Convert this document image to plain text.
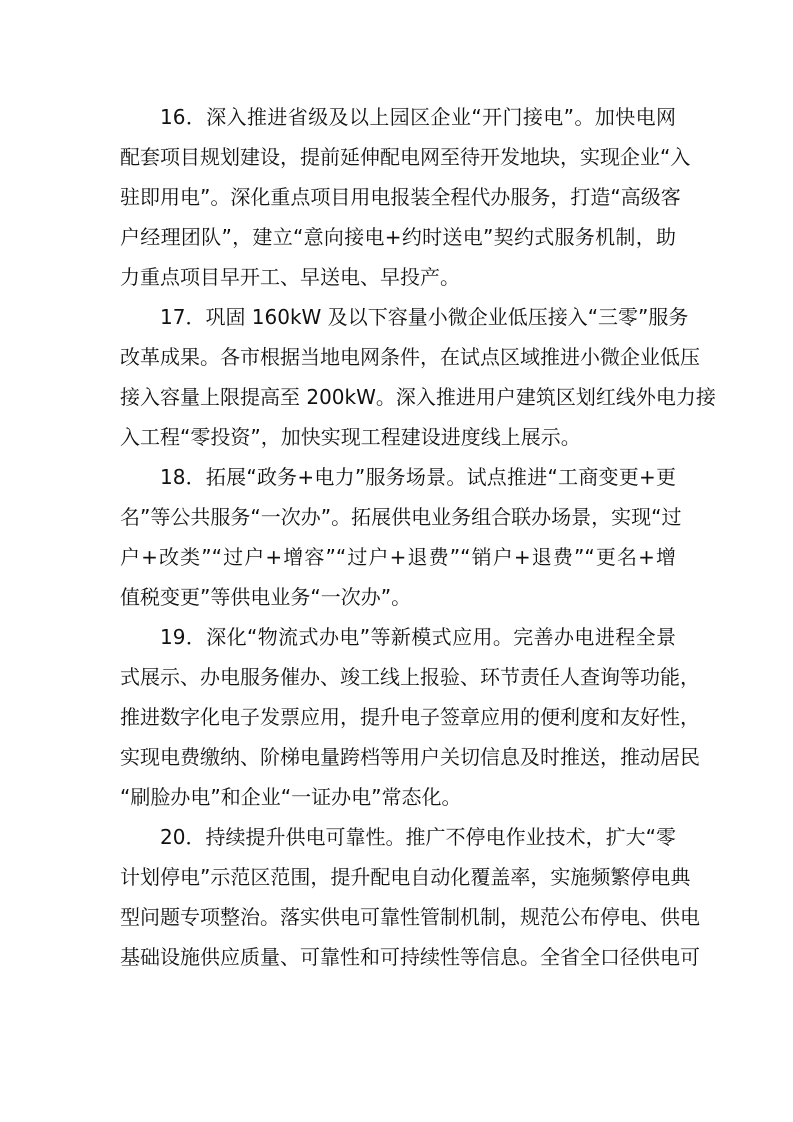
16．深入推进省级及以上园区企业“开门接电”。加快电网
配套项目规划建设，提前延伸配电网至待开发地块，实现企业“入
驻即用电”。深化重点项目用电报装全程代办服务，打造“高级客
户经理团队”，建立“意向接电+约时送电”契约式服务机制，助
力重点项目早开工、早送电、早投产。
17．巩固 160kW 及以下容量小微企业低压接入“三零”服务
改革成果。各市根据当地电网条件，在试点区域推进小微企业低压
接入容量上限提高至 200kW。深入推进用户建筑区划红线外电力接
入工程“零投资”，加快实现工程建设进度线上展示。
18．拓展“政务+电力”服务场景。试点推进“工商变更+更
名”等公共服务“一次办”。拓展供电业务组合联办场景，实现“过
户+改类”“过户+增容”“过户+退费”“销户+退费”“更名+增
值税变更”等供电业务“一次办”。
19．深化“物流式办电”等新模式应用。完善办电进程全景
式展示、办电服务催办、竣工线上报验、环节责任人查询等功能，
推进数字化电子发票应用，提升电子签章应用的便利度和友好性，
实现电费缴纳、阶梯电量跨档等用户关切信息及时推送，推动居民
“刷脸办电”和企业“一证办电”常态化。
20．持续提升供电可靠性。推广不停电作业技术，扩大“零
计划停电”示范区范围，提升配电自动化覆盖率，实施频繁停电典
型问题专项整治。落实供电可靠性管制机制，规范公布停电、供电
基础设施供应质量、可靠性和可持续性等信息。全省全口径供电可
